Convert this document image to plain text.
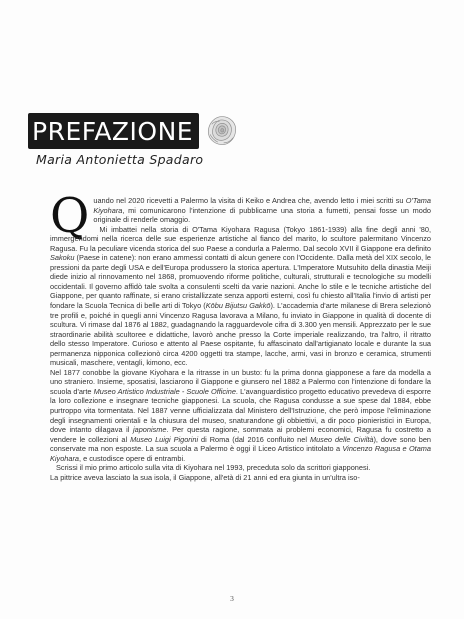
PREFAZIONE
Maria Antonietta Spadaro

Quando nel 2020 ricevetti a Palermo la visita di Keiko e Andrea che, avendo letto i miei scritti su O'Tama Kiyohara, mi comunicarono l'intenzione di pubblicarne una storia a fumetti, pensai fosse un modo originale di renderle omaggio.

Mi imbattei nella storia di O'Tama Kiyohara Ragusa (Tokyo 1861-1939) alla fine degli anni '80, immergendomi nella ricerca delle sue esperienze artistiche al fianco del marito, lo scultore palermitano Vincenzo Ragusa. Fu la peculiare vicenda storica del suo Paese a condurla a Palermo. Dal secolo XVII il Giappone era definito Sakoku (Paese in catene): non erano ammessi contatti di alcun genere con l'Occidente. Dalla metà del XIX secolo, le pressioni da parte degli USA e dell'Europa produssero la storica apertura. L'Imperatore Mutsuhito della dinastia Meiji diede inizio al rinnovamento nel 1868, promuovendo riforme politiche, culturali, strutturali e tecnologiche su modelli occidentali. Il governo affidò tale svolta a consulenti scelti da varie nazioni. Anche lo stile e le tecniche artistiche del Giappone, per quanto raffinate, si erano cristallizzate senza apporti esterni, così fu chiesto all'Italia l'invio di artisti per fondare la Scuola Tecnica di belle arti di Tokyo (Kōbu Bijutsu Gakkō). L'accademia d'arte milanese di Brera selezionò tre profili e, poiché in quegli anni Vincenzo Ragusa lavorava a Milano, fu inviato in Giappone in qualità di docente di scultura. Vi rimase dal 1876 al 1882, guadagnando la ragguardevole cifra di 3.300 yen mensili. Apprezzato per le sue straordinarie abilità scultoree e didattiche, lavorò anche presso la Corte imperiale realizzando, tra l'altro, il ritratto dello stesso Imperatore. Curioso e attento al Paese ospitante, fu affascinato dall'artigianato locale e durante la sua permanenza nipponica collezionò circa 4200 oggetti tra stampe, lacche, armi, vasi in bronzo e ceramica, strumenti musicali, maschere, ventagli, kimono, ecc.

Nel 1877 conobbe la giovane Kiyohara e la ritrasse in un busto: fu la prima donna giapponese a fare da modella a uno straniero. Insieme, sposatisi, lasciarono il Giappone e giunsero nel 1882 a Palermo con l'intenzione di fondare la scuola d'arte Museo Artistico Industriale - Scuole Officine. L'avanguardistico progetto educativo prevedeva di esporre la loro collezione e insegnare tecniche giapponesi. La scuola, che Ragusa condusse a sue spese dal 1884, ebbe purtroppo vita tormentata. Nel 1887 venne ufficializzata dal Ministero dell'Istruzione, che però impose l'eliminazione degli insegnamenti orientali e la chiusura del museo, snaturandone gli obbiettivi, a dir poco pionieristici in Europa, dove intanto dilagava il japonisme. Per questa ragione, sommata ai problemi economici, Ragusa fu costretto a vendere le collezioni al Museo Luigi Pigorini di Roma (dal 2016 confluito nel Museo delle Civiltà), dove sono ben conservate ma non esposte. La sua scuola a Palermo è oggi il Liceo Artistico intitolato a Vincenzo Ragusa e Otama Kiyohara, e custodisce opere di entrambi.

Scrissi il mio primo articolo sulla vita di Kiyohara nel 1993, preceduta solo da scrittori giapponesi.

La pittrice aveva lasciato la sua isola, il Giappone, all'età di 21 anni ed era giunta in un'ultra iso-

3
